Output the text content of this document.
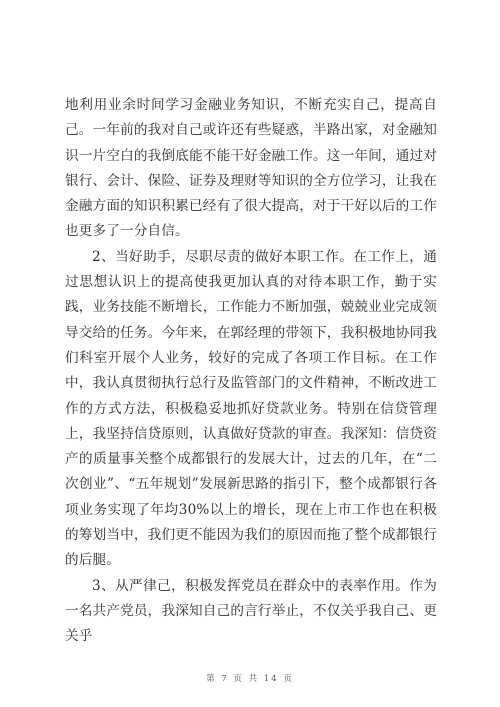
地利用业余时间学习金融业务知识，不断充实自己，提高自己。一年前的我对自己或许还有些疑惑，半路出家，对金融知识一片空白的我倒底能不能干好金融工作。这一年间，通过对银行、会计、保险、证券及理财等知识的全方位学习，让我在金融方面的知识积累已经有了很大提高，对于干好以后的工作也更多了一分自信。

2、当好助手，尽职尽责的做好本职工作。在工作上，通过思想认识上的提高使我更加认真的对待本职工作，勤于实践，业务技能不断增长，工作能力不断加强，兢兢业业完成领导交给的任务。今年来，在郭经理的带领下，我积极地协同我们科室开展个人业务，较好的完成了各项工作目标。在工作中，我认真贯彻执行总行及监管部门的文件精神，不断改进工作的方式方法，积极稳妥地抓好贷款业务。特别在信贷管理上，我坚持信贷原则，认真做好贷款的审查。我深知：信贷资产的质量事关整个成都银行的发展大计，过去的几年，在“二次创业”、“五年规划”发展新思路的指引下，整个成都银行各项业务实现了年均30%以上的增长，现在上市工作也在积极的筹划当中，我们更不能因为我们的原因而拖了整个成都银行的后腿。

3、从严律己，积极发挥党员在群众中的表率作用。作为一名共产党员，我深知自己的言行举止，不仅关乎我自己、更关乎

第 7 页 共 14 页
